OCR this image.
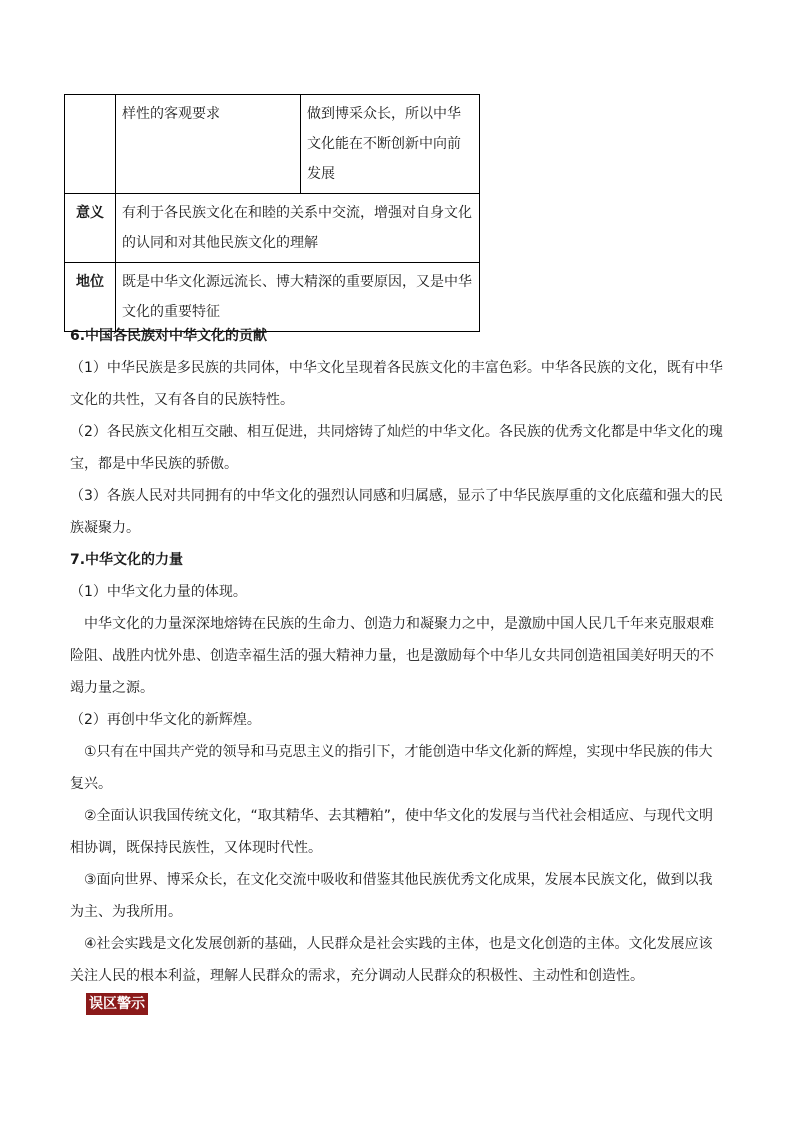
	样性的客观要求	做到博采众长，所以中华文化能在不断创新中向前发展
意义	有利于各民族文化在和睦的关系中交流，增强对自身文化的认同和对其他民族文化的理解	
地位	既是中华文化源远流长、博大精深的重要原因，又是中华文化的重要特征	
6.中国各民族对中华文化的贡献
（1）中华民族是多民族的共同体，中华文化呈现着各民族文化的丰富色彩。中华各民族的文化，既有中华文化的共性，又有各自的民族特性。
（2）各民族文化相互交融、相互促进，共同熔铸了灿烂的中华文化。各民族的优秀文化都是中华文化的瑰宝，都是中华民族的骄傲。
（3）各族人民对共同拥有的中华文化的强烈认同感和归属感，显示了中华民族厚重的文化底蕴和强大的民族凝聚力。
7.中华文化的力量
（1）中华文化力量的体现。
中华文化的力量深深地熔铸在民族的生命力、创造力和凝聚力之中，是激励中国人民几千年来克服艰难险阻、战胜内忧外患、创造幸福生活的强大精神力量，也是激励每个中华儿女共同创造祖国美好明天的不竭力量之源。
（2）再创中华文化的新辉煌。
①只有在中国共产党的领导和马克思主义的指引下，才能创造中华文化新的辉煌，实现中华民族的伟大复兴。
②全面认识我国传统文化，“取其精华、去其糟粕”，使中华文化的发展与当代社会相适应、与现代文明相协调，既保持民族性，又体现时代性。
③面向世界、博采众长，在文化交流中吸收和借鉴其他民族优秀文化成果，发展本民族文化，做到以我为主、为我所用。
④社会实践是文化发展创新的基础，人民群众是社会实践的主体，也是文化创造的主体。文化发展应该关注人民的根本利益，理解人民群众的需求，充分调动人民群众的积极性、主动性和创造性。
误区警示
